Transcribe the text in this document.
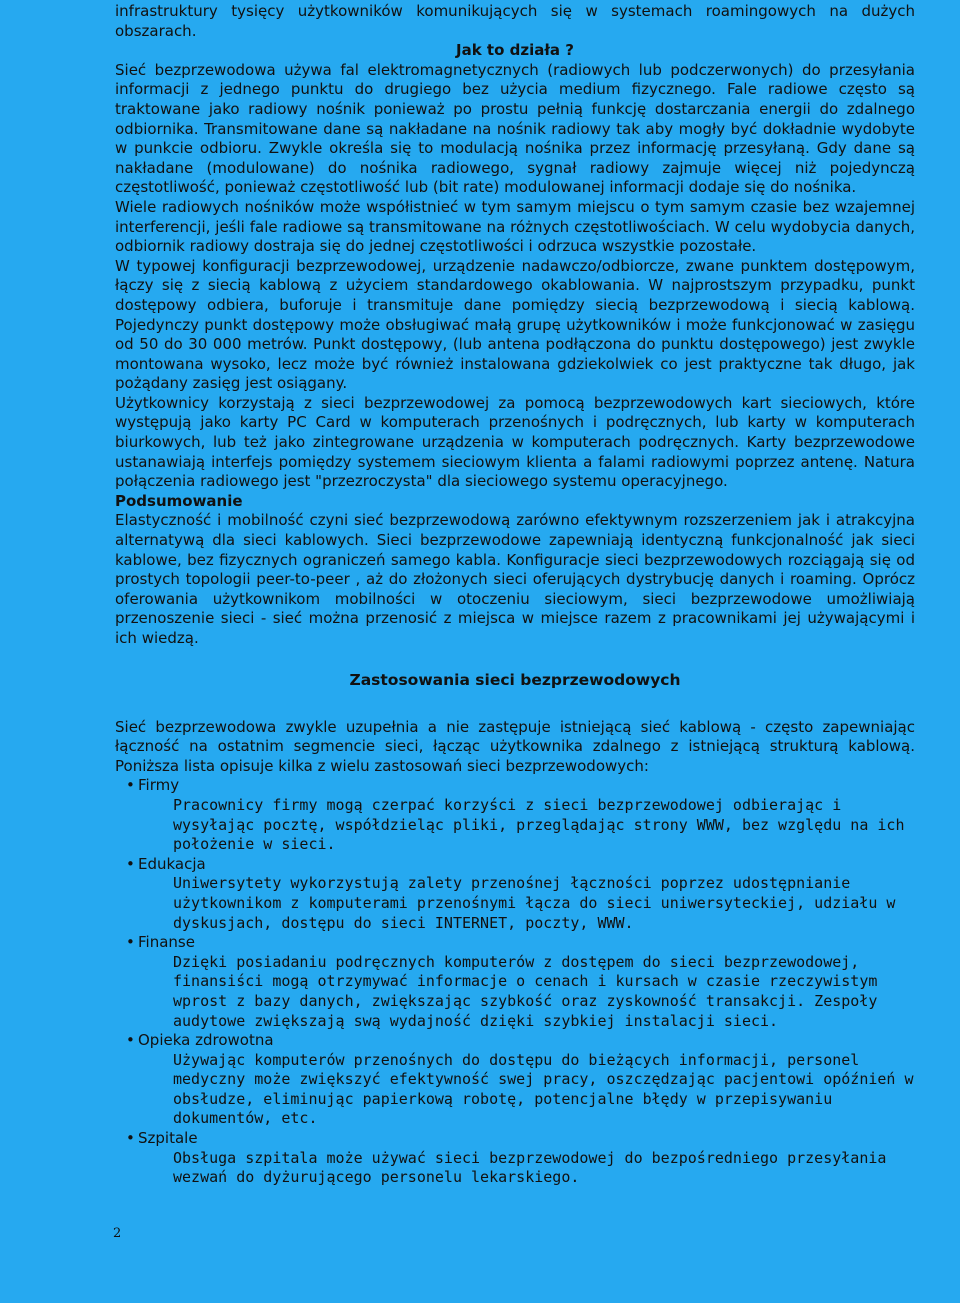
infrastruktury tysięcy użytkowników komunikujących się w systemach roamingowych na dużych obszarach.

Jak to działa ?

Sieć bezprzewodowa używa fal elektromagnetycznych (radiowych lub podczerwonych) do przesyłania informacji z jednego punktu do drugiego bez użycia medium fizycznego. Fale radiowe często są traktowane jako radiowy nośnik ponieważ po prostu pełnią funkcję dostarczania energii do zdalnego odbiornika. Transmitowane dane są nakładane na nośnik radiowy tak aby mogły być dokładnie wydobyte w punkcie odbioru. Zwykle określa się to modulacją nośnika przez informację przesyłaną. Gdy dane są nakładane (modulowane) do nośnika radiowego, sygnał radiowy zajmuje więcej niż pojedynczą częstotliwość, ponieważ częstotliwość lub (bit rate) modulowanej informacji dodaje się do nośnika.

Wiele radiowych nośników może współistnieć w tym samym miejscu o tym samym czasie bez wzajemnej interferencji, jeśli fale radiowe są transmitowane na różnych częstotliwościach. W celu wydobycia danych, odbiornik radiowy dostraja się do jednej częstotliwości i odrzuca wszystkie pozostałe.

W typowej konfiguracji bezprzewodowej, urządzenie nadawczo/odbiorcze, zwane punktem dostępowym, łączy się z siecią kablową z użyciem standardowego okablowania. W najprostszym przypadku, punkt dostępowy odbiera, buforuje i transmituje dane pomiędzy siecią bezprzewodową i siecią kablową. Pojedynczy punkt dostępowy może obsługiwać małą grupę użytkowników i może funkcjonować w zasięgu od 50 do 30 000 metrów. Punkt dostępowy, (lub antena podłączona do punktu dostępowego) jest zwykle montowana wysoko, lecz może być również instalowana gdziekolwiek co jest praktyczne tak długo, jak pożądany zasięg jest osiągany.

Użytkownicy korzystają z sieci bezprzewodowej za pomocą bezprzewodowych kart sieciowych, które występują jako karty PC Card w komputerach przenośnych i podręcznych, lub karty w komputerach biurkowych, lub też jako zintegrowane urządzenia w komputerach podręcznych. Karty bezprzewodowe ustanawiają interfejs pomiędzy systemem sieciowym klienta a falami radiowymi poprzez antenę. Natura połączenia radiowego jest "przezroczysta" dla sieciowego systemu operacyjnego.

Podsumowanie

Elastyczność i mobilność czyni sieć bezprzewodową zarówno efektywnym rozszerzeniem jak i atrakcyjna alternatywą dla sieci kablowych. Sieci bezprzewodowe zapewniają identyczną funkcjonalność jak sieci kablowe, bez fizycznych ograniczeń samego kabla. Konfiguracje sieci bezprzewodowych rozciągają się od prostych topologii peer-to-peer , aż do złożonych sieci oferujących dystrybucję danych i roaming. Oprócz oferowania użytkownikom mobilności w otoczeniu sieciowym, sieci bezprzewodowe umożliwiają przenoszenie sieci - sieć można przenosić z miejsca w miejsce razem z pracownikami jej używającymi i ich wiedzą.

Zastosowania sieci bezprzewodowych

Sieć bezprzewodowa zwykle uzupełnia a nie zastępuje istniejącą sieć kablową - często zapewniając łączność na ostatnim segmencie sieci, łącząc użytkownika zdalnego z istniejącą strukturą kablową. Poniższa lista opisuje kilka z wielu zastosowań sieci bezprzewodowych:

• Firmy
Pracownicy firmy mogą czerpać korzyści z sieci bezprzewodowej odbierając i wysyłając pocztę, współdzieląc pliki, przeglądając strony WWW, bez względu na ich położenie w sieci.
• Edukacja
Uniwersytety wykorzystują zalety przenośnej łączności poprzez udostępnianie użytkownikom z komputerami przenośnymi łącza do sieci uniwersyteckiej, udziału w dyskusjach, dostępu do sieci INTERNET, poczty, WWW.
• Finanse
Dzięki posiadaniu podręcznych komputerów z dostępem do sieci bezprzewodowej, finansiści mogą otrzymywać informacje o cenach i kursach w czasie rzeczywistym wprost z bazy danych, zwiększając szybkość oraz zyskowność transakcji. Zespoły audytowe zwiększają swą wydajność dzięki szybkiej instalacji sieci.
• Opieka zdrowotna
Używając komputerów przenośnych do dostępu do bieżących informacji, personel medyczny może zwiększyć efektywność swej pracy, oszczędzając pacjentowi opóźnień w obsłudze, eliminując papierkową robotę, potencjalne błędy w przepisywaniu dokumentów, etc.
• Szpitale
Obsługa szpitala może używać sieci bezprzewodowej do bezpośredniego przesyłania wezwań do dyżurującego personelu lekarskiego.
2
